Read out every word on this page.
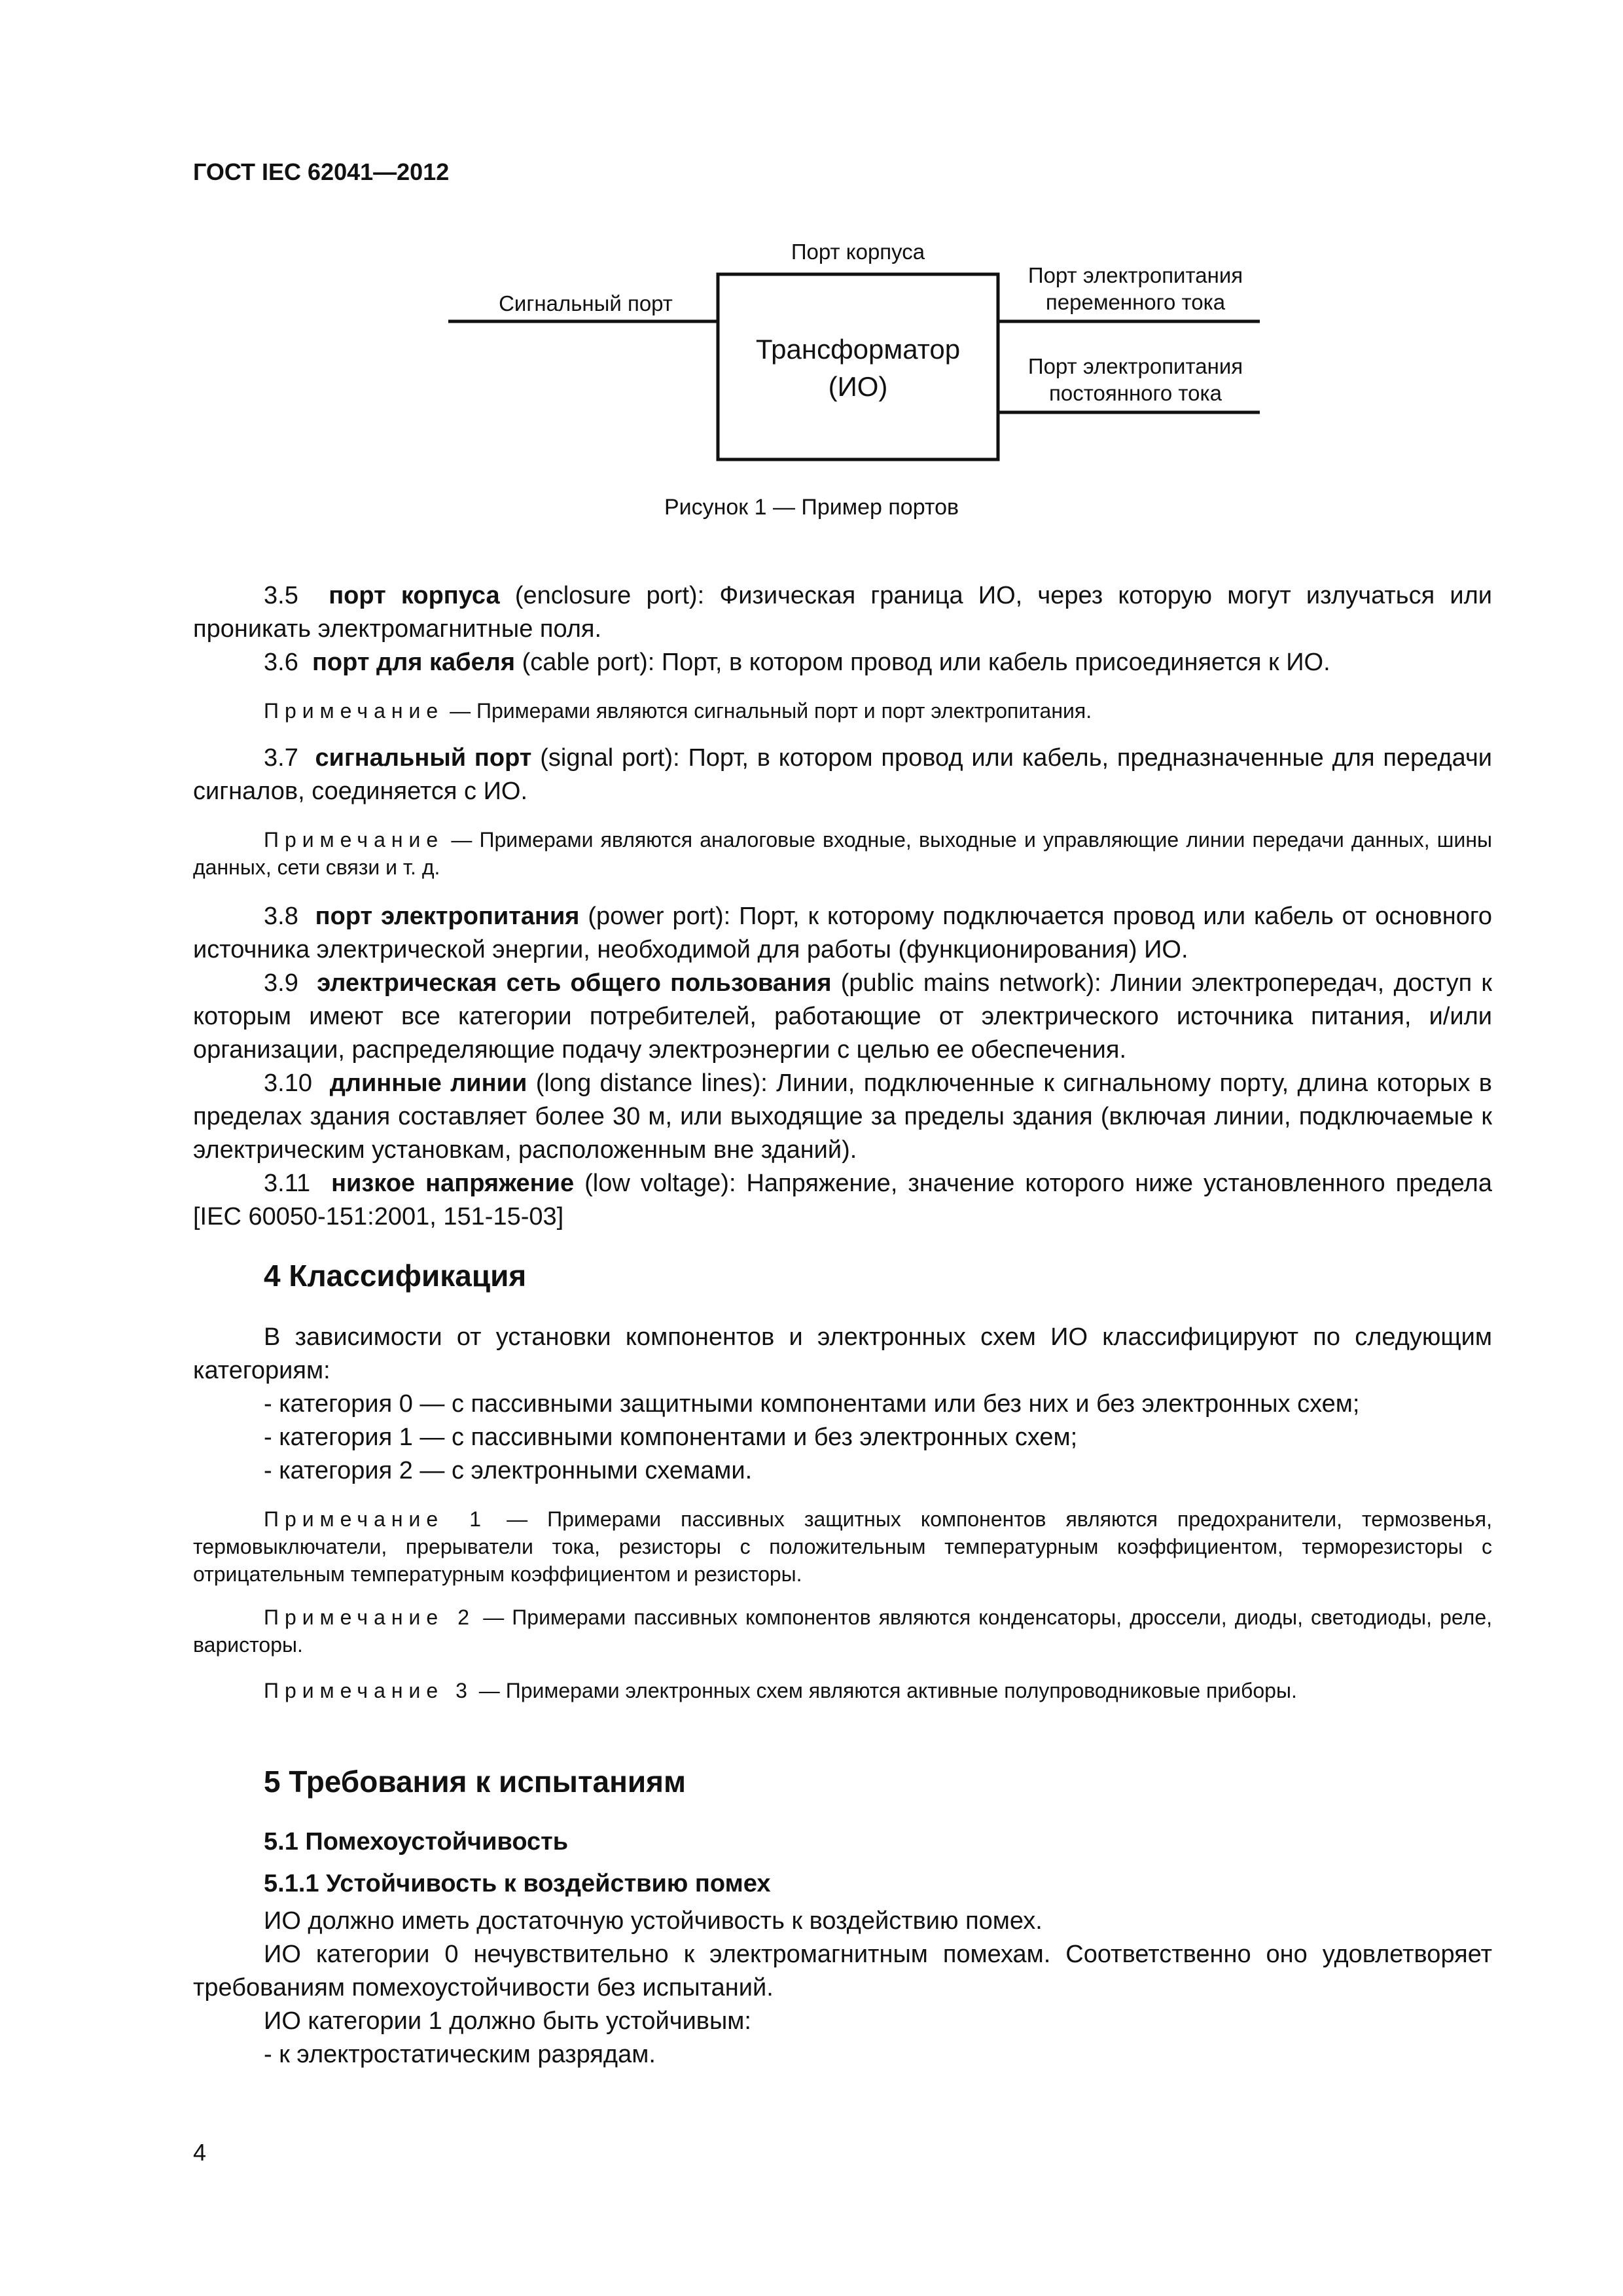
ГОСТ IEC 62041—2012
Порт корпуса
Сигнальный порт
Трансформатор
(ИО)
Порт электропитания
переменного тока
Порт электропитания
постоянного тока
Рисунок 1 — Пример портов

3.5 порт корпуса (enclosure port): Физическая граница ИО, через которую могут излучаться или проникать электромагнитные поля.

3.6 порт для кабеля (cable port): Порт, в котором провод или кабель присоединяется к ИО.

Примечание — Примерами являются сигнальный порт и порт электропитания.

3.7 сигнальный порт (signal port): Порт, в котором провод или кабель, предназначенные для передачи сигналов, соединяется с ИО.

Примечание — Примерами являются аналоговые входные, выходные и управляющие линии передачи данных, шины данных, сети связи и т. д.

3.8 порт электропитания (power port): Порт, к которому подключается провод или кабель от основного источника электрической энергии, необходимой для работы (функционирования) ИО.

3.9 электрическая сеть общего пользования (public mains network): Линии электропередач, доступ к которым имеют все категории потребителей, работающие от электрического источника питания, и/или организации, распределяющие подачу электроэнергии с целью ее обеспечения.

3.10 длинные линии (long distance lines): Линии, подключенные к сигнальному порту, длина которых в пределах здания составляет более 30 м, или выходящие за пределы здания (включая линии, подключаемые к электрическим установкам, расположенным вне зданий).

3.11 низкое напряжение (low voltage): Напряжение, значение которого ниже установленного предела [IEC 60050-151:2001, 151-15-03]

4 Классификация

В зависимости от установки компонентов и электронных схем ИО классифицируют по следующим категориям:

- категория 0 — с пассивными защитными компонентами или без них и без электронных схем;
- категория 1 — с пассивными компонентами и без электронных схем;
- категория 2 — с электронными схемами.

Примечание 1 — Примерами пассивных защитных компонентов являются предохранители, термозвенья, термовыключатели, прерыватели тока, резисторы с положительным температурным коэффициентом, терморезисторы с отрицательным температурным коэффициентом и резисторы.

Примечание 2 — Примерами пассивных компонентов являются конденсаторы, дроссели, диоды, светодиоды, реле, варисторы.

Примечание 3 — Примерами электронных схем являются активные полупроводниковые приборы.

5 Требования к испытаниям
5.1 Помехоустойчивость
5.1.1 Устойчивость к воздействию помех

ИО должно иметь достаточную устойчивость к воздействию помех.

ИО категории 0 нечувствительно к электромагнитным помехам. Соответственно оно удовлетворяет требованиям помехоустойчивости без испытаний.

ИО категории 1 должно быть устойчивым:

- к электростатическим разрядам.

4
